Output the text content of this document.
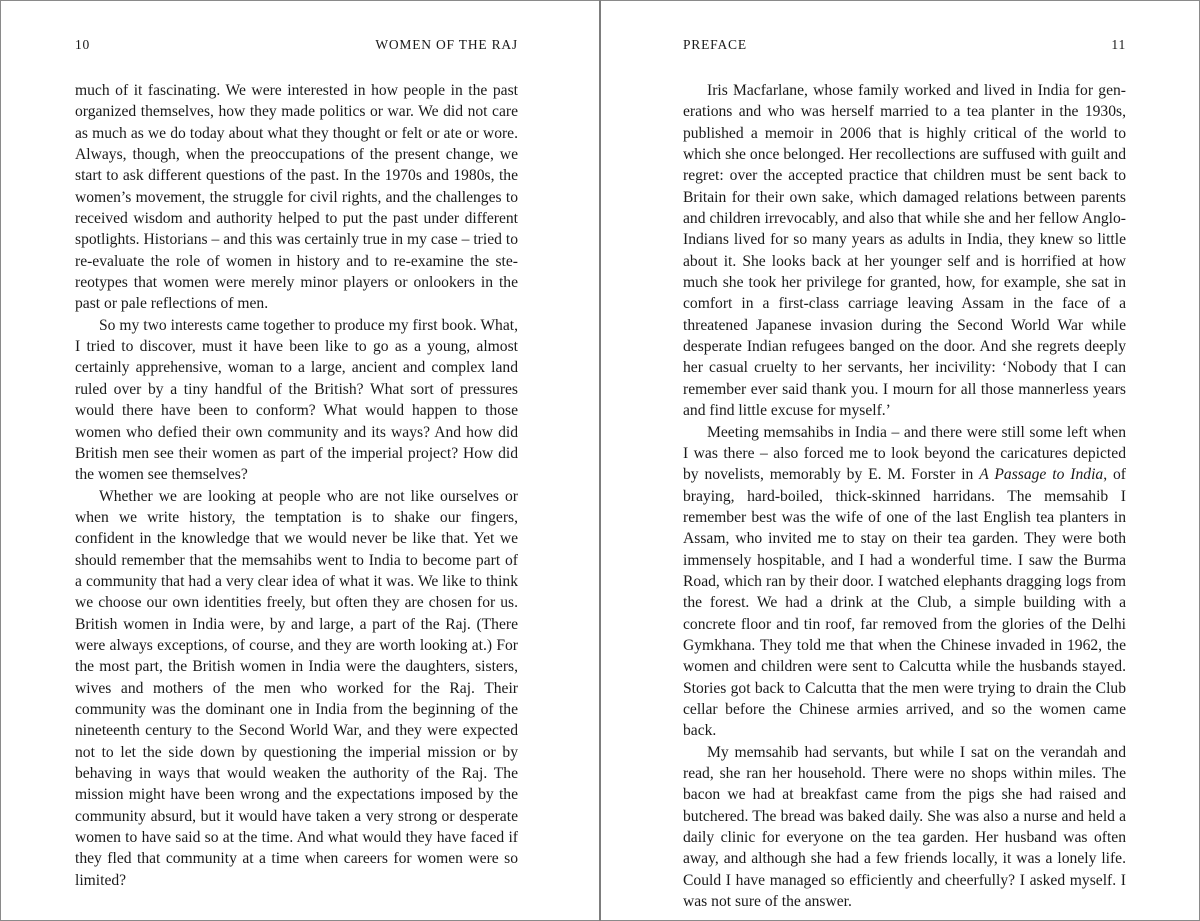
10	WOMEN OF THE RAJ

much of it fascinating. We were interested in how people in the past organized themselves, how they made politics or war. We did not care as much as we do today about what they thought or felt or ate or wore. Always, though, when the preoccupations of the present change, we start to ask different questions of the past. In the 1970s and 1980s, the women’s movement, the struggle for civil rights, and the challenges to received wisdom and authority helped to put the past under different spotlights. Historians – and this was certainly true in my case – tried to re-evaluate the role of women in history and to re-examine the stereotypes that women were merely minor players or onlookers in the past or pale reflections of men.

So my two interests came together to produce my first book. What, I tried to discover, must it have been like to go as a young, almost certainly apprehensive, woman to a large, ancient and complex land ruled over by a tiny handful of the British? What sort of pressures would there have been to conform? What would happen to those women who defied their own community and its ways? And how did British men see their women as part of the imperial project? How did the women see themselves?

Whether we are looking at people who are not like ourselves or when we write history, the temptation is to shake our fingers, confident in the knowledge that we would never be like that. Yet we should remember that the memsahibs went to India to become part of a community that had a very clear idea of what it was. We like to think we choose our own identities freely, but often they are chosen for us. British women in India were, by and large, a part of the Raj. (There were always exceptions, of course, and they are worth looking at.) For the most part, the British women in India were the daughters, sisters, wives and mothers of the men who worked for the Raj. Their community was the dominant one in India from the beginning of the nineteenth century to the Second World War, and they were expected not to let the side down by questioning the imperial mission or by behaving in ways that would weaken the authority of the Raj. The mission might have been wrong and the expectations imposed by the community absurd, but it would have taken a very strong or desperate women to have said so at the time. And what would they have faced if they fled that community at a time when careers for women were so limited?

PREFACE	11

Iris Macfarlane, whose family worked and lived in India for generations and who was herself married to a tea planter in the 1930s, published a memoir in 2006 that is highly critical of the world to which she once belonged. Her recollections are suffused with guilt and regret: over the accepted practice that children must be sent back to Britain for their own sake, which damaged relations between parents and children irrevocably, and also that while she and her fellow Anglo-Indians lived for so many years as adults in India, they knew so little about it. She looks back at her younger self and is horrified at how much she took her privilege for granted, how, for example, she sat in comfort in a first-class carriage leaving Assam in the face of a threatened Japanese invasion during the Second World War while desperate Indian refugees banged on the door. And she regrets deeply her casual cruelty to her servants, her incivility: ‘Nobody that I can remember ever said thank you. I mourn for all those mannerless years and find little excuse for myself.’

Meeting memsahibs in India – and there were still some left when I was there – also forced me to look beyond the caricatures depicted by novelists, memorably by E. M. Forster in A Passage to India, of braying, hard-boiled, thick-skinned harridans. The memsahib I remember best was the wife of one of the last English tea planters in Assam, who invited me to stay on their tea garden. They were both immensely hospitable, and I had a wonderful time. I saw the Burma Road, which ran by their door. I watched elephants dragging logs from the forest. We had a drink at the Club, a simple building with a concrete floor and tin roof, far removed from the glories of the Delhi Gymkhana. They told me that when the Chinese invaded in 1962, the women and children were sent to Calcutta while the husbands stayed. Stories got back to Calcutta that the men were trying to drain the Club cellar before the Chinese armies arrived, and so the women came back.

My memsahib had servants, but while I sat on the verandah and read, she ran her household. There were no shops within miles. The bacon we had at breakfast came from the pigs she had raised and butchered. The bread was baked daily. She was also a nurse and held a daily clinic for everyone on the tea garden. Her husband was often away, and although she had a few friends locally, it was a lonely life. Could I have managed so efficiently and cheerfully? I asked myself. I was not sure of the answer.
